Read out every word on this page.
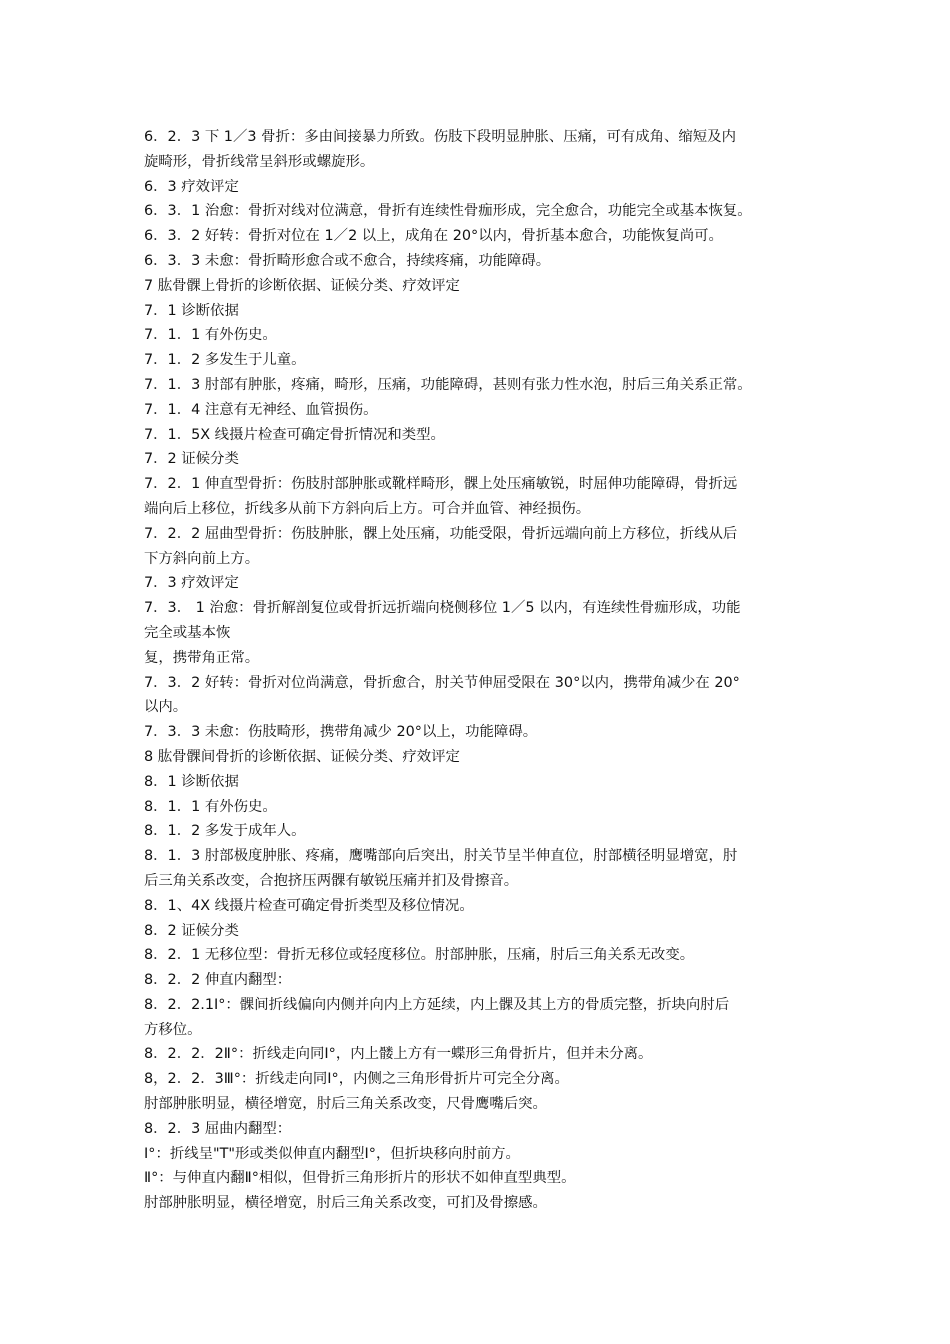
6．2．3 下 1／3 骨折：多由间接暴力所致。伤肢下段明显肿胀、压痛，可有成角、缩短及内
旋畸形，骨折线常呈斜形或螺旋形。
6．3 疗效评定
6．3．1 治愈：骨折对线对位满意，骨折有连续性骨痂形成，完全愈合，功能完全或基本恢复。
6．3．2 好转：骨折对位在 1／2 以上，成角在 20°以内，骨折基本愈合，功能恢复尚可。
6．3．3 未愈：骨折畸形愈合或不愈合，持续疼痛，功能障碍。
7 肱骨髁上骨折的诊断依据、证候分类、疗效评定
7．1 诊断依据
7．1．1 有外伤史。
7．1．2 多发生于儿童。
7．1．3 肘部有肿胀，疼痛，畸形，压痛，功能障碍，甚则有张力性水泡，肘后三角关系正常。
7．1．4 注意有无神经、血管损伤。
7．1．5X 线摄片检查可确定骨折情况和类型。
7．2 证候分类
7．2．1 伸直型骨折：伤肢肘部肿胀或靴样畸形，髁上处压痛敏锐，时屈伸功能障碍，骨折远
端向后上移位，折线多从前下方斜向后上方。可合并血管、神经损伤。
7．2．2 屈曲型骨折：伤肢肿胀，髁上处压痛，功能受限，骨折远端向前上方移位，折线从后
下方斜向前上方。
7．3 疗效评定
7．3． 1 治愈：骨折解剖复位或骨折远折端向桡侧移位 1／5 以内，有连续性骨痂形成，功能
完全或基本恢
复，携带角正常。
7．3．2 好转：骨折对位尚满意，骨折愈合，肘关节伸屈受限在 30°以内，携带角减少在 20°
以内。
7．3．3 未愈：伤肢畸形，携带角减少 20°以上，功能障碍。
8 肱骨髁间骨折的诊断依据、证候分类、疗效评定
8．1 诊断依据
8．1．1 有外伤史。
8．1．2 多发于成年人。
8．1．3 肘部极度肿胀、疼痛，鹰嘴部向后突出，肘关节呈半伸直位，肘部横径明显增宽，肘
后三角关系改变，合抱挤压两髁有敏锐压痛并扪及骨擦音。
8．1、4X 线摄片检查可确定骨折类型及移位情况。
8．2 证候分类
8．2．1 无移位型：骨折无移位或轻度移位。肘部肿胀，压痛，肘后三角关系无改变。
8．2．2 伸直内翻型：
8．2．2.1Ⅰ°：髁间折线偏向内侧并向内上方延续，内上髁及其上方的骨质完整，折块向肘后
方移位。
8．2．2．2Ⅱ°：折线走向同Ⅰ°，内上髅上方有一蝶形三角骨折片，但并未分离。
8，2．2．3Ⅲ°：折线走向同Ⅰ°，内侧之三角形骨折片可完全分离。
肘部肿胀明显，横径增宽，肘后三角关系改变，尺骨鹰嘴后突。
8．2．3 屈曲内翻型：
Ⅰ°：折线呈"T"形或类似伸直内翻型Ⅰ°，但折块移向肘前方。
Ⅱ°：与伸直内翻Ⅱ°相似，但骨折三角形折片的形状不如伸直型典型。
肘部肿胀明显，横径增宽，肘后三角关系改变，可扪及骨擦感。
